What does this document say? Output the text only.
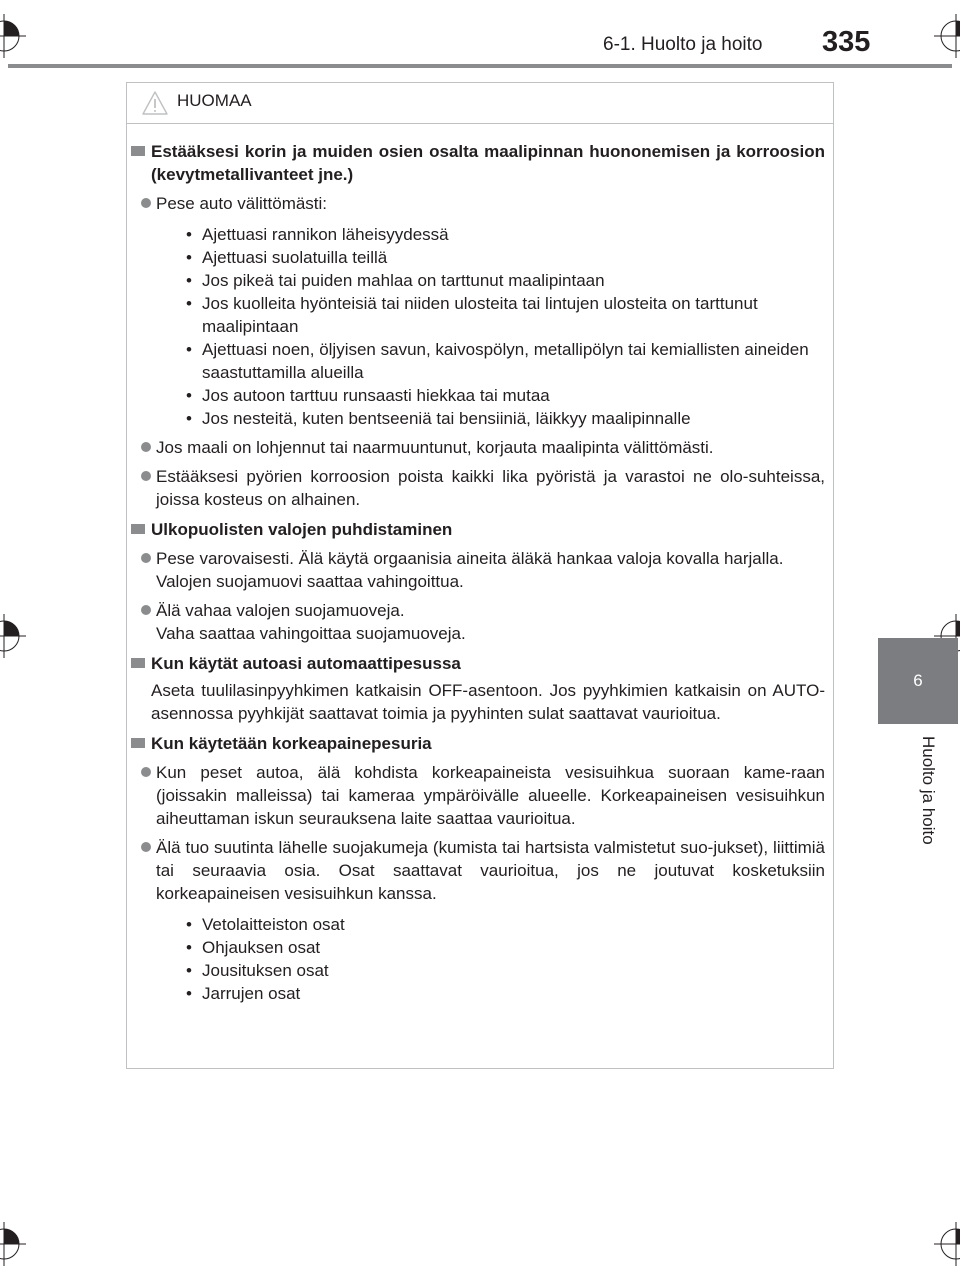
6-1. Huolto ja hoito 335
6
Huolto ja hoito
HUOMAA
Estääksesi korin ja muiden osien osalta maalipinnan huononemisen ja korroosion (kevytmetallivanteet jne.)
Pese auto välittömästi:
• Ajettuasi rannikon läheisyydessä
• Ajettuasi suolatuilla teillä
• Jos pikeä tai puiden mahlaa on tarttunut maalipintaan
• Jos kuolleita hyönteisiä tai niiden ulosteita tai lintujen ulosteita on tarttunut maalipintaan
• Ajettuasi noen, öljyisen savun, kaivospölyn, metallipölyn tai kemiallisten aineiden saastuttamilla alueilla
• Jos autoon tarttuu runsaasti hiekkaa tai mutaa
• Jos nesteitä, kuten bentseeniä tai bensiiniä, läikkyy maalipinnalle
Jos maali on lohjennut tai naarmuuntunut, korjauta maalipinta välittömästi.
Estääksesi pyörien korroosion poista kaikki lika pyöristä ja varastoi ne olo-suhteissa, joissa kosteus on alhainen.
Ulkopuolisten valojen puhdistaminen
Pese varovaisesti. Älä käytä orgaanisia aineita äläkä hankaa valoja kovalla harjalla.
Valojen suojamuovi saattaa vahingoittua.
Älä vahaa valojen suojamuoveja.
Vaha saattaa vahingoittaa suojamuoveja.
Kun käytät autoasi automaattipesussa
Aseta tuulilasinpyyhkimen katkaisin OFF-asentoon. Jos pyyhkimien katkaisin on AUTO-asennossa pyyhkijät saattavat toimia ja pyyhinten sulat saattavat vaurioitua.
Kun käytetään korkeapainepesuria
Kun peset autoa, älä kohdista korkeapaineista vesisuihkua suoraan kame-raan (joissakin malleissa) tai kameraa ympäröivälle alueelle. Korkeapaineisen vesisuihkun aiheuttaman iskun seurauksena laite saattaa vaurioitua.
Älä tuo suutinta lähelle suojakumeja (kumista tai hartsista valmistetut suo-jukset), liittimiä tai seuraavia osia. Osat saattavat vaurioitua, jos ne joutuvat kosketuksiin korkeapaineisen vesisuihkun kanssa.
• Vetolaitteiston osat
• Ohjauksen osat
• Jousituksen osat
• Jarrujen osat
